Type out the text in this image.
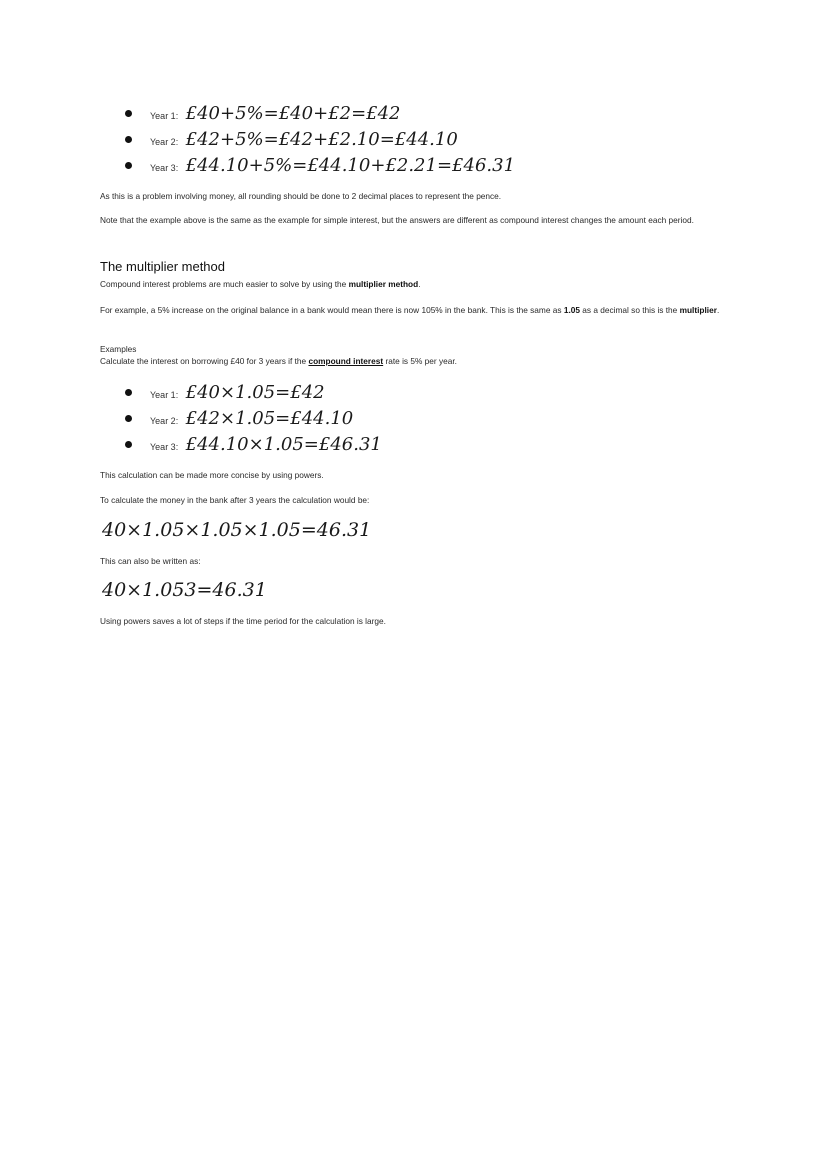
Year 1: £40+5%=£40+£2=£42
Year 2: £42+5%=£42+£2.10=£44.10
Year 3: £44.10+5%=£44.10+£2.21=£46.31

As this is a problem involving money, all rounding should be done to 2 decimal places to represent the pence.

Note that the example above is the same as the example for simple interest, but the answers are different as compound interest changes the amount each period.

The multiplier method

Compound interest problems are much easier to solve by using the multiplier method.

For example, a 5% increase on the original balance in a bank would mean there is now 105% in the bank. This is the same as 1.05 as a decimal so this is the multiplier.

Examples

Calculate the interest on borrowing £40 for 3 years if the compound interest rate is 5% per year.

Year 1: £40×1.05=£42
Year 2: £42×1.05=£44.10
Year 3: £44.10×1.05=£46.31

This calculation can be made more concise by using powers.

To calculate the money in the bank after 3 years the calculation would be:

40×1.05×1.05×1.05=46.31

This can also be written as:

40×1.053=46.31

Using powers saves a lot of steps if the time period for the calculation is large.
